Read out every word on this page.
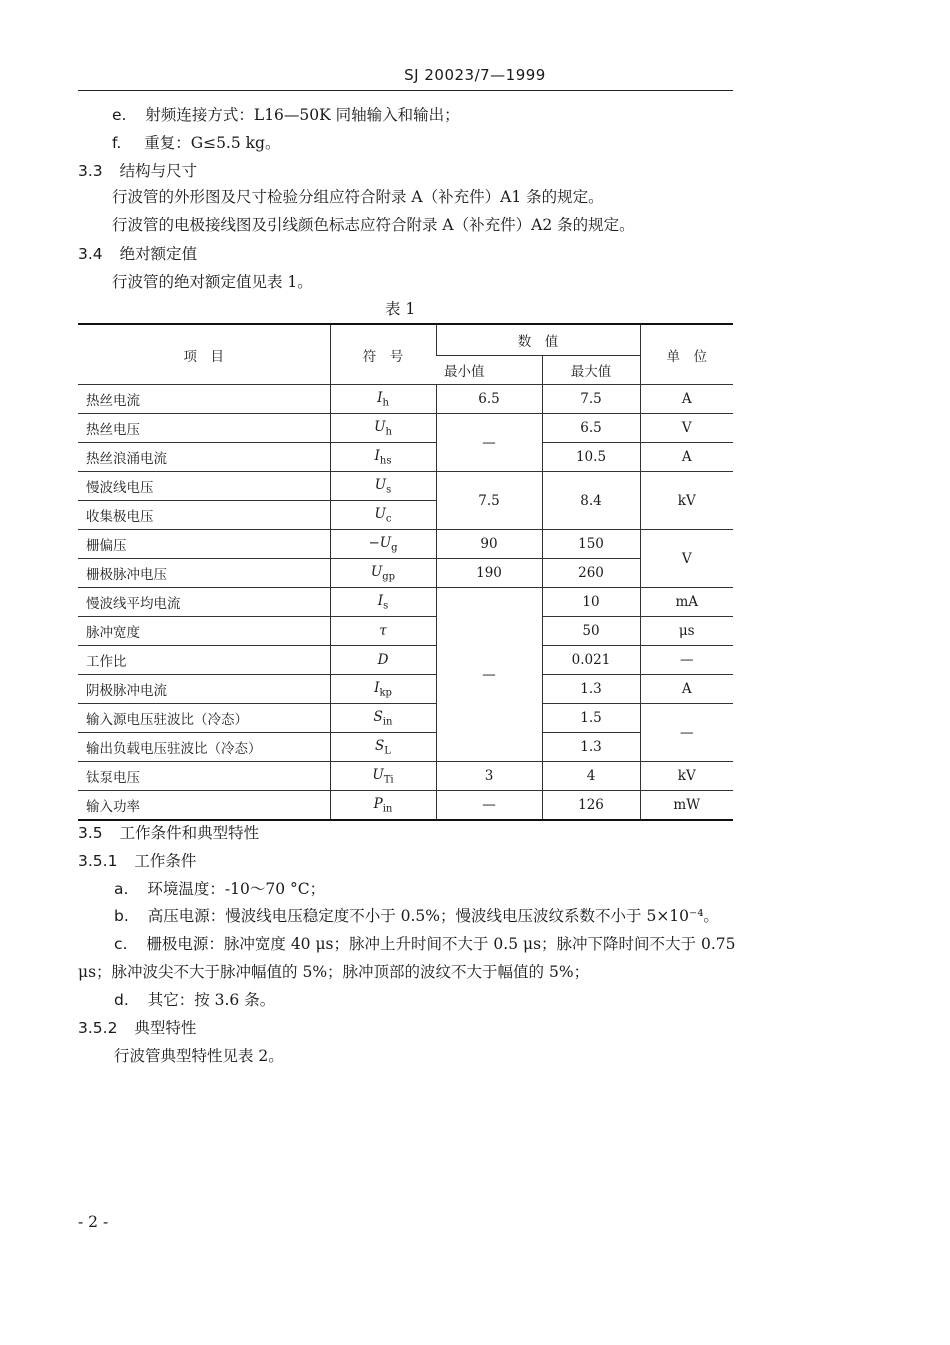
SJ 20023/7—1999
e. 射频连接方式：L16—50K 同轴输入和输出；
f. 重复：G≤5.5 kg。
3.3 结构与尺寸
行波管的外形图及尺寸检验分组应符合附录 A（补充件）A1 条的规定。
行波管的电极接线图及引线颜色标志应符合附录 A（补充件）A2 条的规定。
3.4 绝对额定值
行波管的绝对额定值见表 1。
表 1
项　目	符　号	数　值		单　位
		最小值	最大值	
热丝电流	$I_h$	6.5	7.5	A
热丝电压	$U_h$	—	6.5	V
热丝浪涌电流	$I_{hs}$		10.5	A
慢波线电压	$U_s$	7.5	8.4	kV
收集极电压	$U_c$
栅偏压	$-U_g$	90	150	V
栅极脉冲电压	$U_{gp}$	190	260	
慢波线平均电流	$I_s$	—	10	mA
脉冲宽度	τ		50	μs
工作比	D		0.021	—
阴极脉冲电流	$I_{kp}$		1.3	A
输入源电压驻波比（冷态）	$S_{in}$		1.5	—
输出负载电压驻波比（冷态）	$S_L$		1.3	
钛泵电压	$U_{Ti}$	3	4	kV
输入功率	$P_{in}$	—	126	mW
3.5 工作条件和典型特性
3.5.1 工作条件
a. 环境温度：-10～70 °C；
b. 高压电源：慢波线电压稳定度不小于 0.5%；慢波线电压波纹系数不小于 5×10⁻⁴。
c. 栅极电源：脉冲宽度 40 μs；脉冲上升时间不大于 0.5 μs；脉冲下降时间不大于 0.75
μs；脉冲波尖不大于脉冲幅值的 5%；脉冲顶部的波纹不大于幅值的 5%；
d. 其它：按 3.6 条。
3.5.2 典型特性
行波管典型特性见表 2。
- 2 -
